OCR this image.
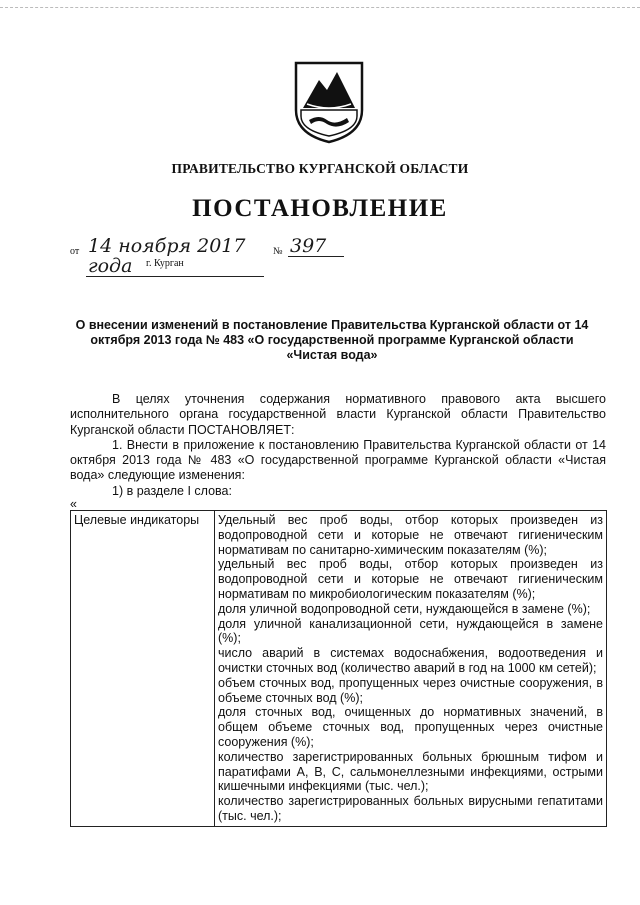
ПРАВИТЕЛЬСТВО КУРГАНСКОЙ ОБЛАСТИ
ПОСТАНОВЛЕНИЕ
от 14 ноября 2017 года
№ 397
г. Курган
О внесении изменений в постановление Правительства Курганской области от 14 октября 2013 года № 483 «О государственной программе Курганской области «Чистая вода»

В целях уточнения содержания нормативного правового акта высшего исполнительного органа государственной власти Курганской области Правительство Курганской области ПОСТАНОВЛЯЕТ:

1. Внести в приложение к постановлению Правительства Курганской области от 14 октября 2013 года № 483 «О государственной программе Курганской области «Чистая вода» следующие изменения:

1) в разделе I слова:

«
Целевые индикаторы	Удельный вес проб воды, отбор которых произведен из водопроводной сети и которые не отвечают гигиеническим нормативам по санитарно-химическим показателям (%);
удельный вес проб воды, отбор которых произведен из водопроводной сети и которые не отвечают гигиеническим нормативам по микробиологическим показателям (%);
доля уличной водопроводной сети, нуждающейся в замене (%);
доля уличной канализационной сети, нуждающейся в замене (%);
число аварий в системах водоснабжения, водоотведения и очистки сточных вод (количество аварий в год на 1000 км сетей);
объем сточных вод, пропущенных через очистные сооружения, в объеме сточных вод (%);
доля сточных вод, очищенных до нормативных значений, в общем объеме сточных вод, пропущенных через очистные сооружения (%);
количество зарегистрированных больных брюшным тифом и паратифами А, В, С, сальмонеллезными инфекциями, острыми кишечными инфекциями (тыс. чел.);
количество зарегистрированных больных вирусными гепатитами (тыс. чел.);
